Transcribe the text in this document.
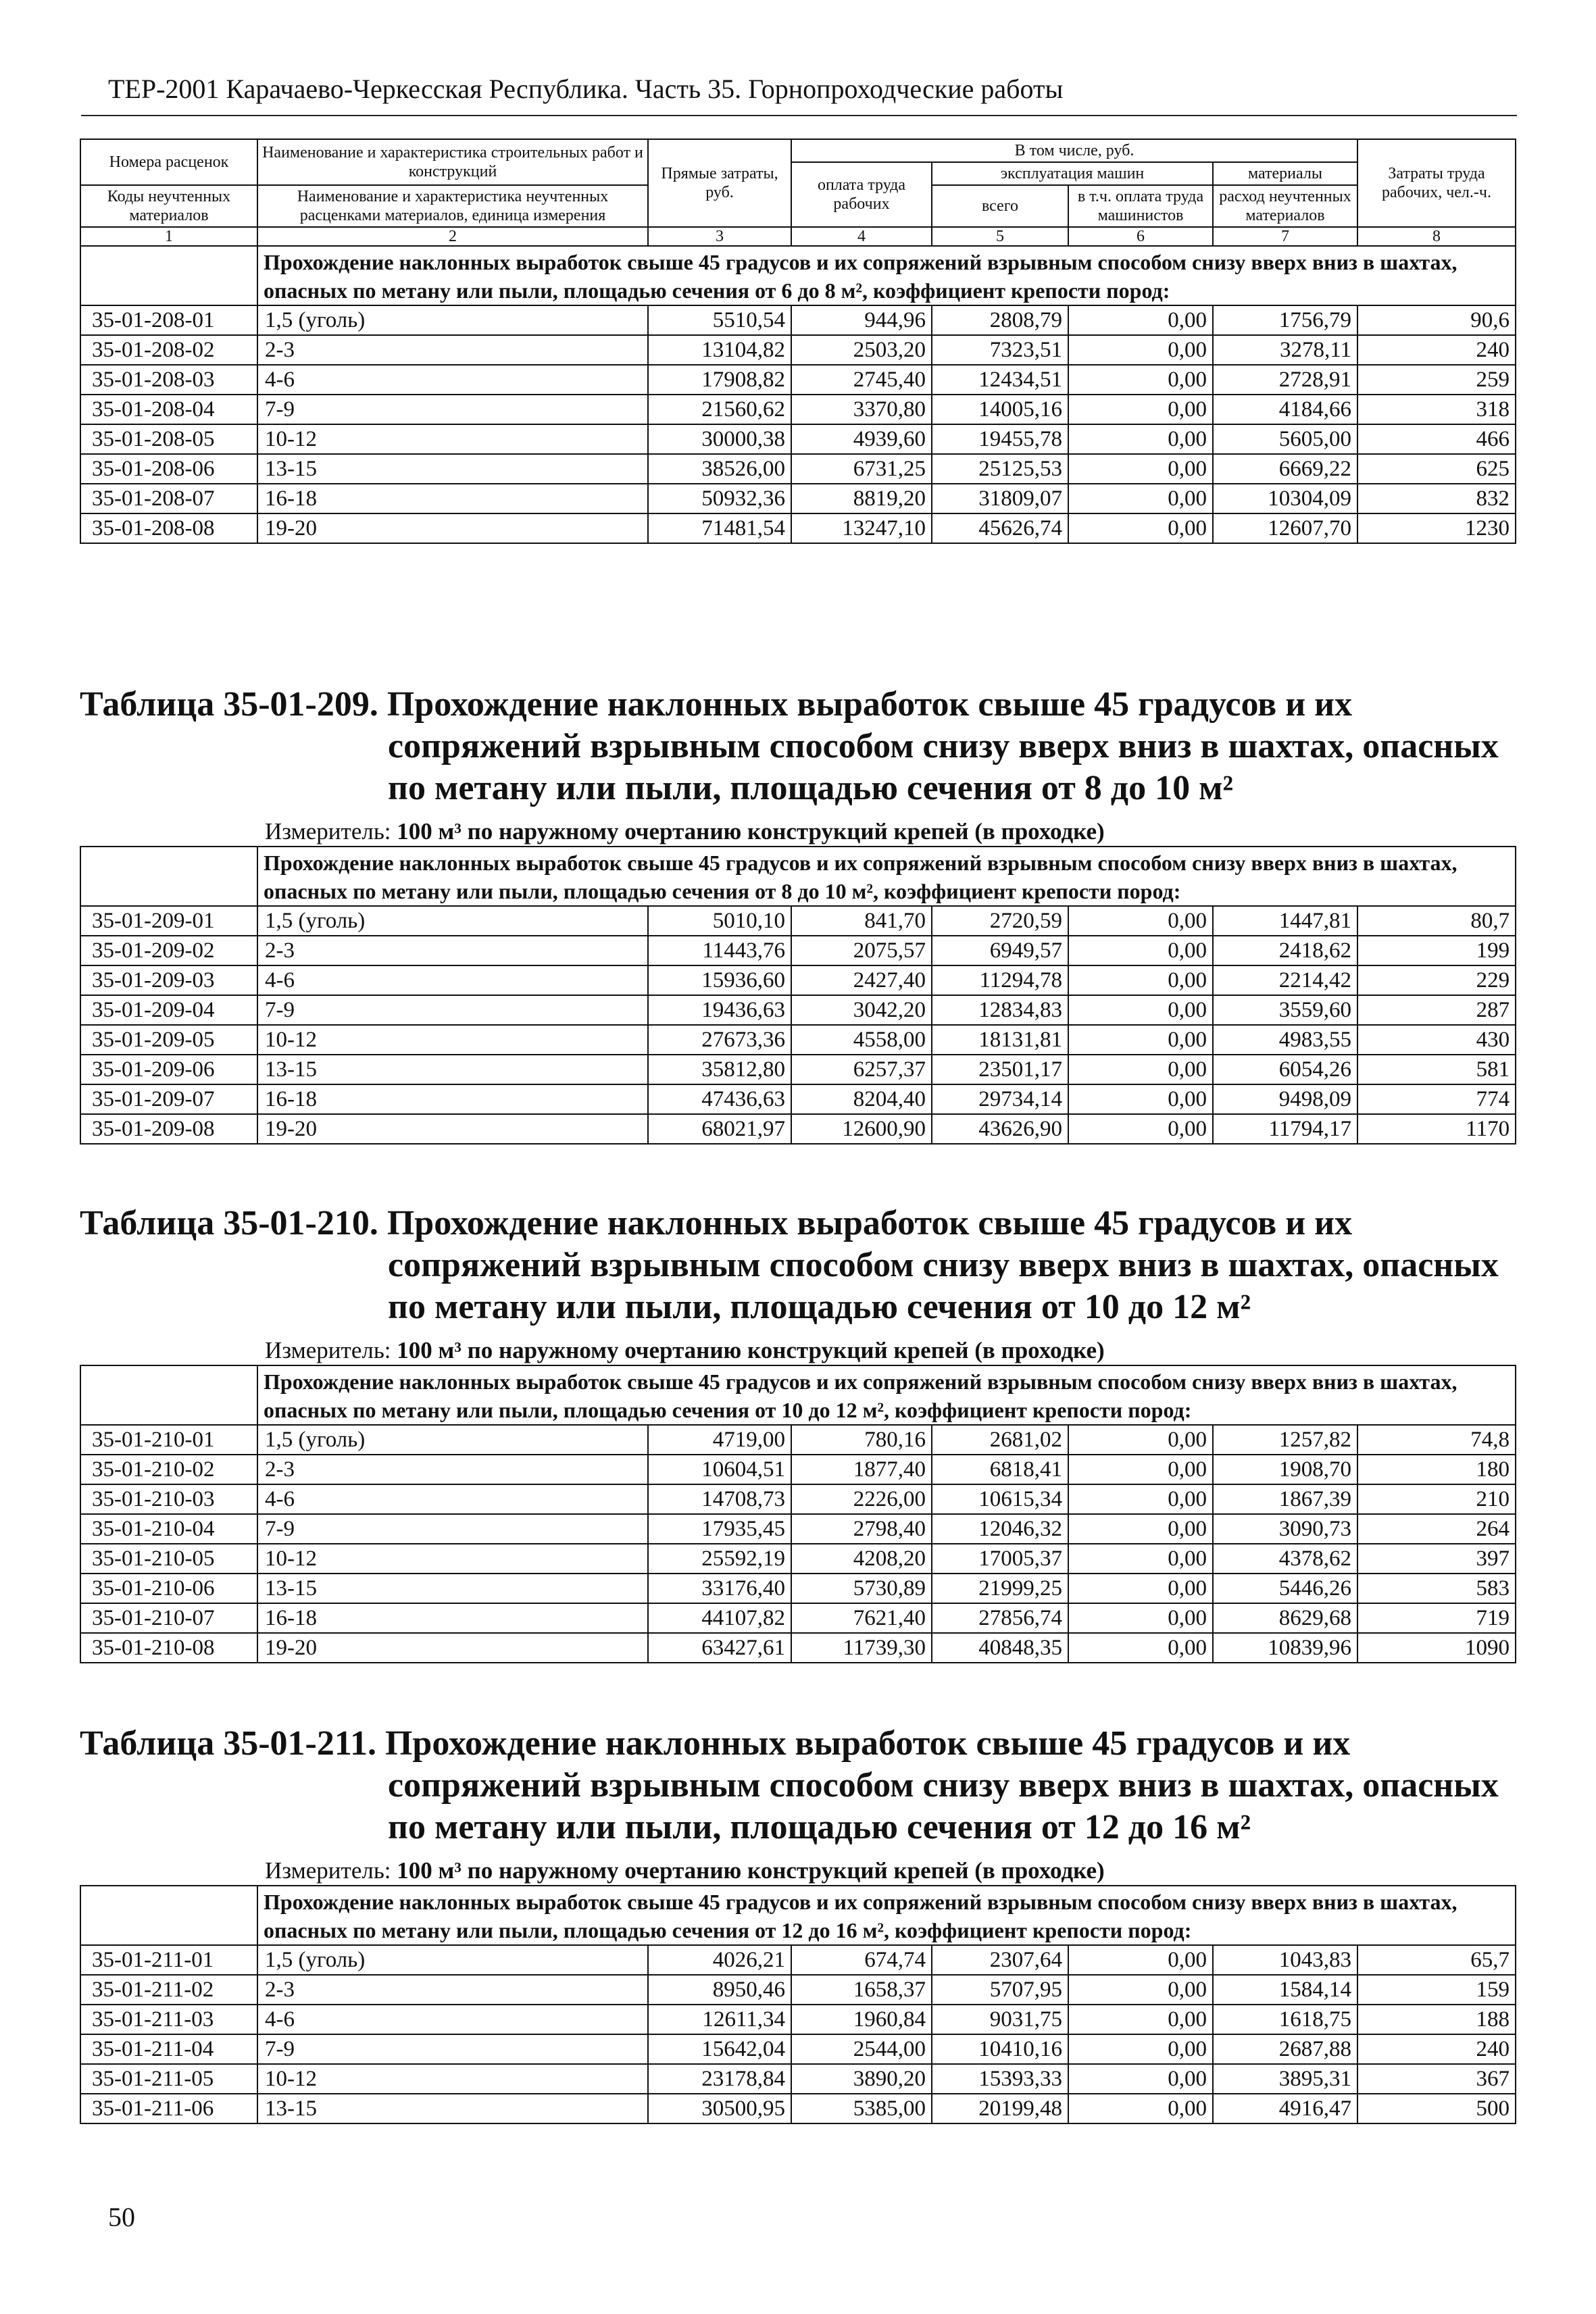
ТЕР-2001 Карачаево-Черкесская Республика. Часть 35. Горнопроходческие работы
Номера расценок	Наименование и характеристика строительных работ и конструкций	Прямые затраты, руб.	В том числе, руб.				Затраты труда рабочих, чел.-ч.
			оплата труда рабочих	эксплуатация машин		материалы	
Коды неучтенных материалов	Наименование и характеристика неучтенных расценками материалов, единица измерения			всего	в т.ч. оплата труда машинистов	расход неучтенных материалов	

1	2	3	4	5	6	7	8
	Прохождение наклонных выработок свыше 45 градусов и их сопряжений взрывным способом снизу вверх вниз в шахтах, опасных по метану или пыли, площадью сечения от 6 до 8 м², коэффициент крепости пород:						
35-01-208-01	1,5 (уголь)	5510,54	944,96	2808,79	0,00	1756,79	90,6
35-01-208-02	2-3	13104,82	2503,20	7323,51	0,00	3278,11	240
35-01-208-03	4-6	17908,82	2745,40	12434,51	0,00	2728,91	259
35-01-208-04	7-9	21560,62	3370,80	14005,16	0,00	4184,66	318
35-01-208-05	10-12	30000,38	4939,60	19455,78	0,00	5605,00	466
35-01-208-06	13-15	38526,00	6731,25	25125,53	0,00	6669,22	625
35-01-208-07	16-18	50932,36	8819,20	31809,07	0,00	10304,09	832
35-01-208-08	19-20	71481,54	13247,10	45626,74	0,00	12607,70	1230
Таблица 35-01-209. Прохождение наклонных выработок свыше 45 градусов и их
сопряжений взрывным способом снизу вверх вниз в шахтах, опасных
по метану или пыли, площадью сечения от 8 до 10 м²
Измеритель: 100 м³ по наружному очертанию конструкций крепей (в проходке)
	Прохождение наклонных выработок свыше 45 градусов и их сопряжений взрывным способом снизу вверх вниз в шахтах, опасных по метану или пыли, площадью сечения от 8 до 10 м², коэффициент крепости пород:						
35-01-209-01	1,5 (уголь)	5010,10	841,70	2720,59	0,00	1447,81	80,7
35-01-209-02	2-3	11443,76	2075,57	6949,57	0,00	2418,62	199
35-01-209-03	4-6	15936,60	2427,40	11294,78	0,00	2214,42	229
35-01-209-04	7-9	19436,63	3042,20	12834,83	0,00	3559,60	287
35-01-209-05	10-12	27673,36	4558,00	18131,81	0,00	4983,55	430
35-01-209-06	13-15	35812,80	6257,37	23501,17	0,00	6054,26	581
35-01-209-07	16-18	47436,63	8204,40	29734,14	0,00	9498,09	774
35-01-209-08	19-20	68021,97	12600,90	43626,90	0,00	11794,17	1170
Таблица 35-01-210. Прохождение наклонных выработок свыше 45 градусов и их
сопряжений взрывным способом снизу вверх вниз в шахтах, опасных
по метану или пыли, площадью сечения от 10 до 12 м²
Измеритель: 100 м³ по наружному очертанию конструкций крепей (в проходке)
	Прохождение наклонных выработок свыше 45 градусов и их сопряжений взрывным способом снизу вверх вниз в шахтах, опасных по метану или пыли, площадью сечения от 10 до 12 м², коэффициент крепости пород:						
35-01-210-01	1,5 (уголь)	4719,00	780,16	2681,02	0,00	1257,82	74,8
35-01-210-02	2-3	10604,51	1877,40	6818,41	0,00	1908,70	180
35-01-210-03	4-6	14708,73	2226,00	10615,34	0,00	1867,39	210
35-01-210-04	7-9	17935,45	2798,40	12046,32	0,00	3090,73	264
35-01-210-05	10-12	25592,19	4208,20	17005,37	0,00	4378,62	397
35-01-210-06	13-15	33176,40	5730,89	21999,25	0,00	5446,26	583
35-01-210-07	16-18	44107,82	7621,40	27856,74	0,00	8629,68	719
35-01-210-08	19-20	63427,61	11739,30	40848,35	0,00	10839,96	1090
Таблица 35-01-211. Прохождение наклонных выработок свыше 45 градусов и их
сопряжений взрывным способом снизу вверх вниз в шахтах, опасных
по метану или пыли, площадью сечения от 12 до 16 м²
Измеритель: 100 м³ по наружному очертанию конструкций крепей (в проходке)
	Прохождение наклонных выработок свыше 45 градусов и их сопряжений взрывным способом снизу вверх вниз в шахтах, опасных по метану или пыли, площадью сечения от 12 до 16 м², коэффициент крепости пород:						
35-01-211-01	1,5 (уголь)	4026,21	674,74	2307,64	0,00	1043,83	65,7
35-01-211-02	2-3	8950,46	1658,37	5707,95	0,00	1584,14	159
35-01-211-03	4-6	12611,34	1960,84	9031,75	0,00	1618,75	188
35-01-211-04	7-9	15642,04	2544,00	10410,16	0,00	2687,88	240
35-01-211-05	10-12	23178,84	3890,20	15393,33	0,00	3895,31	367
35-01-211-06	13-15	30500,95	5385,00	20199,48	0,00	4916,47	500
50
